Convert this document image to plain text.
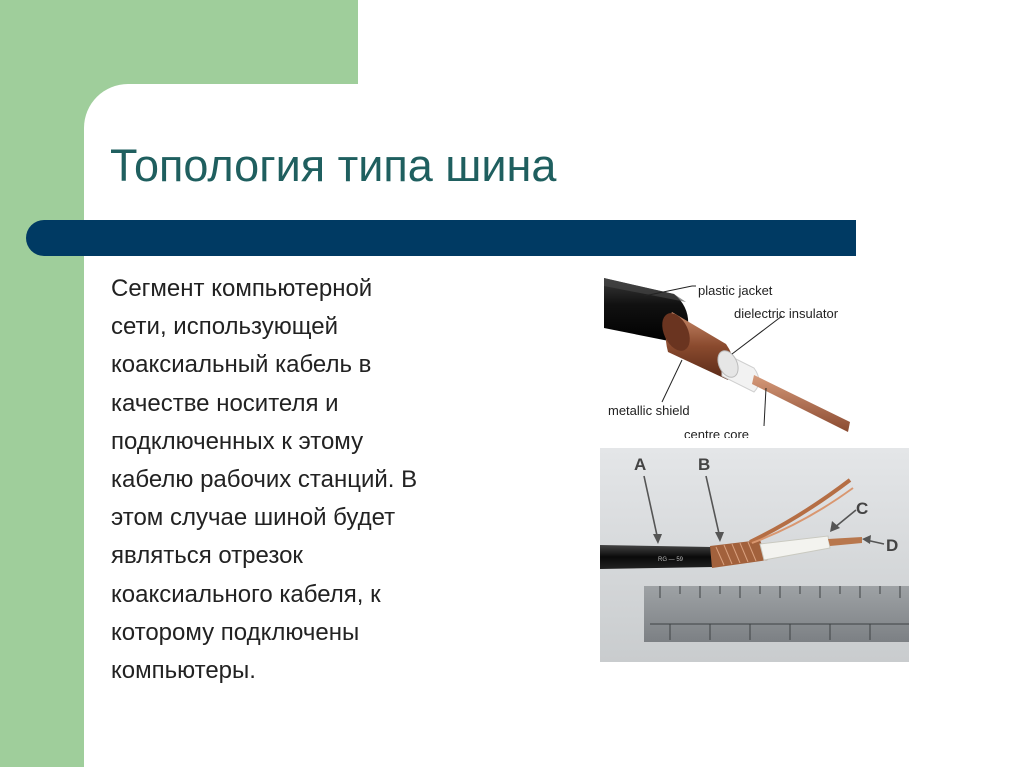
Топология типа шина
Сегмент компьютерной
сети, использующей
коаксиальный кабель в
качестве носителя и
подключенных к этому
кабелю рабочих станций. В
этом случае шиной будет
являться отрезок
коаксиального кабеля, к
которому подключены
компьютеры.
plastic jacket
dielectric insulator
metallic shield
centre core
RG — 59
A	B
C
D
